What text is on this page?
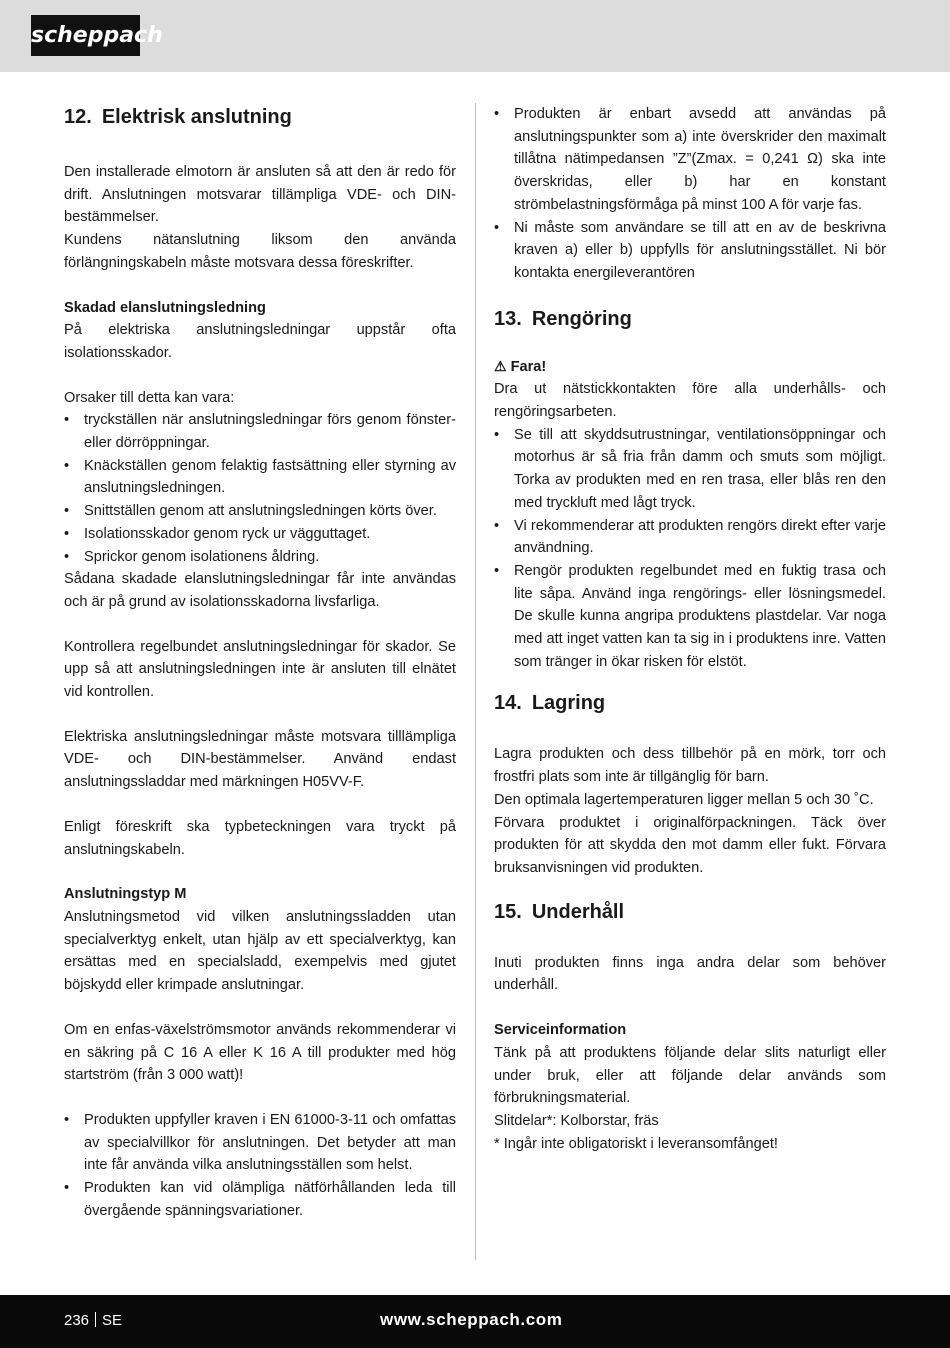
scheppach
12. Elektrisk anslutning

Den installerade elmotorn är ansluten så att den är redo för drift. Anslutningen motsvarar tillämpliga VDE- och DIN-bestämmelser.

Kundens nätanslutning liksom den använda förlängningskabeln måste motsvara dessa föreskrifter.

Skadad elanslutningsledning

På elektriska anslutningsledningar uppstår ofta isolationsskador.

Orsaker till detta kan vara:

• tryckställen när anslutningsledningar förs genom fönster- eller dörröppningar.
• Knäckställen genom felaktig fastsättning eller styrning av anslutningsledningen.
• Snittställen genom att anslutningsledningen körts över.
• Isolationsskador genom ryck ur vägguttaget.
• Sprickor genom isolationens åldring.

Sådana skadade elanslutningsledningar får inte användas och är på grund av isolationsskadorna livsfarliga.

Kontrollera regelbundet anslutningsledningar för skador. Se upp så att anslutningsledningen inte är ansluten till elnätet vid kontrollen.

Elektriska anslutningsledningar måste motsvara tilllämpliga VDE- och DIN-bestämmelser. Använd endast anslutningssladdar med märkningen H05VV-F.

Enligt föreskrift ska typbeteckningen vara tryckt på anslutningskabeln.

Anslutningstyp M

Anslutningsmetod vid vilken anslutningssladden utan specialverktyg enkelt, utan hjälp av ett specialverktyg, kan ersättas med en specialsladd, exempelvis med gjutet böjskydd eller krimpade anslutningar.

Om en enfas-växelströmsmotor används rekommenderar vi en säkring på C 16 A eller K 16 A till produkter med hög startström (från 3 000 watt)!

• Produkten uppfyller kraven i EN 61000-3-11 och omfattas av specialvillkor för anslutningen. Det betyder att man inte får använda vilka anslutningsställen som helst.
• Produkten kan vid olämpliga nätförhållanden leda till övergående spänningsvariationer.
• Produkten är enbart avsedd att användas på anslutningspunkter som a) inte överskrider den maximalt tillåtna nätimpedansen ”Z”(Zmax. = 0,241 Ω) ska inte överskridas, eller b) har en konstant strömbelastningsförmåga på minst 100 A för varje fas.
• Ni måste som användare se till att en av de beskrivna kraven a) eller b) uppfylls för anslutningsstället. Ni bör kontakta energileverantören
13. Rengöring

⚠ Fara!

Dra ut nätstickkontakten före alla underhålls- och rengöringsarbeten.

• Se till att skyddsutrustningar, ventilationsöppningar och motorhus är så fria från damm och smuts som möjligt. Torka av produkten med en ren trasa, eller blås ren den med tryckluft med lågt tryck.
• Vi rekommenderar att produkten rengörs direkt efter varje användning.
• Rengör produkten regelbundet med en fuktig trasa och lite såpa. Använd inga rengörings- eller lösningsmedel. De skulle kunna angripa produktens plastdelar. Var noga med att inget vatten kan ta sig in i produktens inre. Vatten som tränger in ökar risken för elstöt.
14. Lagring

Lagra produkten och dess tillbehör på en mörk, torr och frostfri plats som inte är tillgänglig för barn.

Den optimala lagertemperaturen ligger mellan 5 och 30 ˚C.

Förvara produktet i originalförpackningen. Täck över produkten för att skydda den mot damm eller fukt. Förvara bruksanvisningen vid produkten.

15. Underhåll

Inuti produkten finns inga andra delar som behöver underhåll.

Serviceinformation

Tänk på att produktens följande delar slits naturligt eller under bruk, eller att följande delar används som förbrukningsmaterial.

Slitdelar*: Kolborstar, fräs

* Ingår inte obligatoriskt i leveransomfånget!

236 SE	www.scheppach.com
